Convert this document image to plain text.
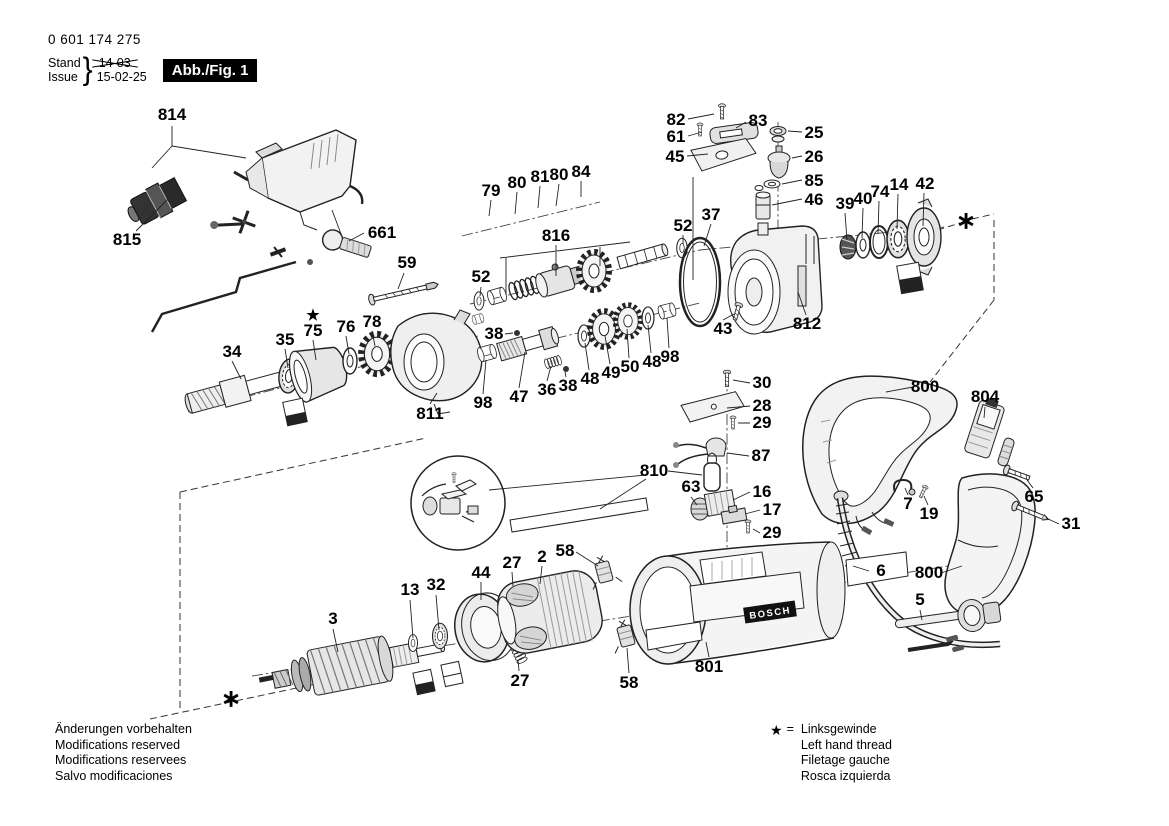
BOSCH
0 601 174 275
Stand
Issue } 14-03
15-02-25	Abb./Fig. 1
814
815	661
59
79 80 81 80 84
816
52
52
37
82	83
61
45
25
26
85
46 39 40
74 14 42
43	812
34
35 75 76 78
811
38
98 47 36 38 48 49 50 48 98
30
28
29
87
810
63	16
17
29
800
804
7
19
65
31
6 800
5
2 58
27
44
13 32
3
27	58
801
★
∗
∗
Änderungen vorbehalten
Modifications reserved
Modifications reservees
Salvo modificaciones
★ = Linksgewinde
Left hand thread
Filetage gauche
Rosca izquierda
